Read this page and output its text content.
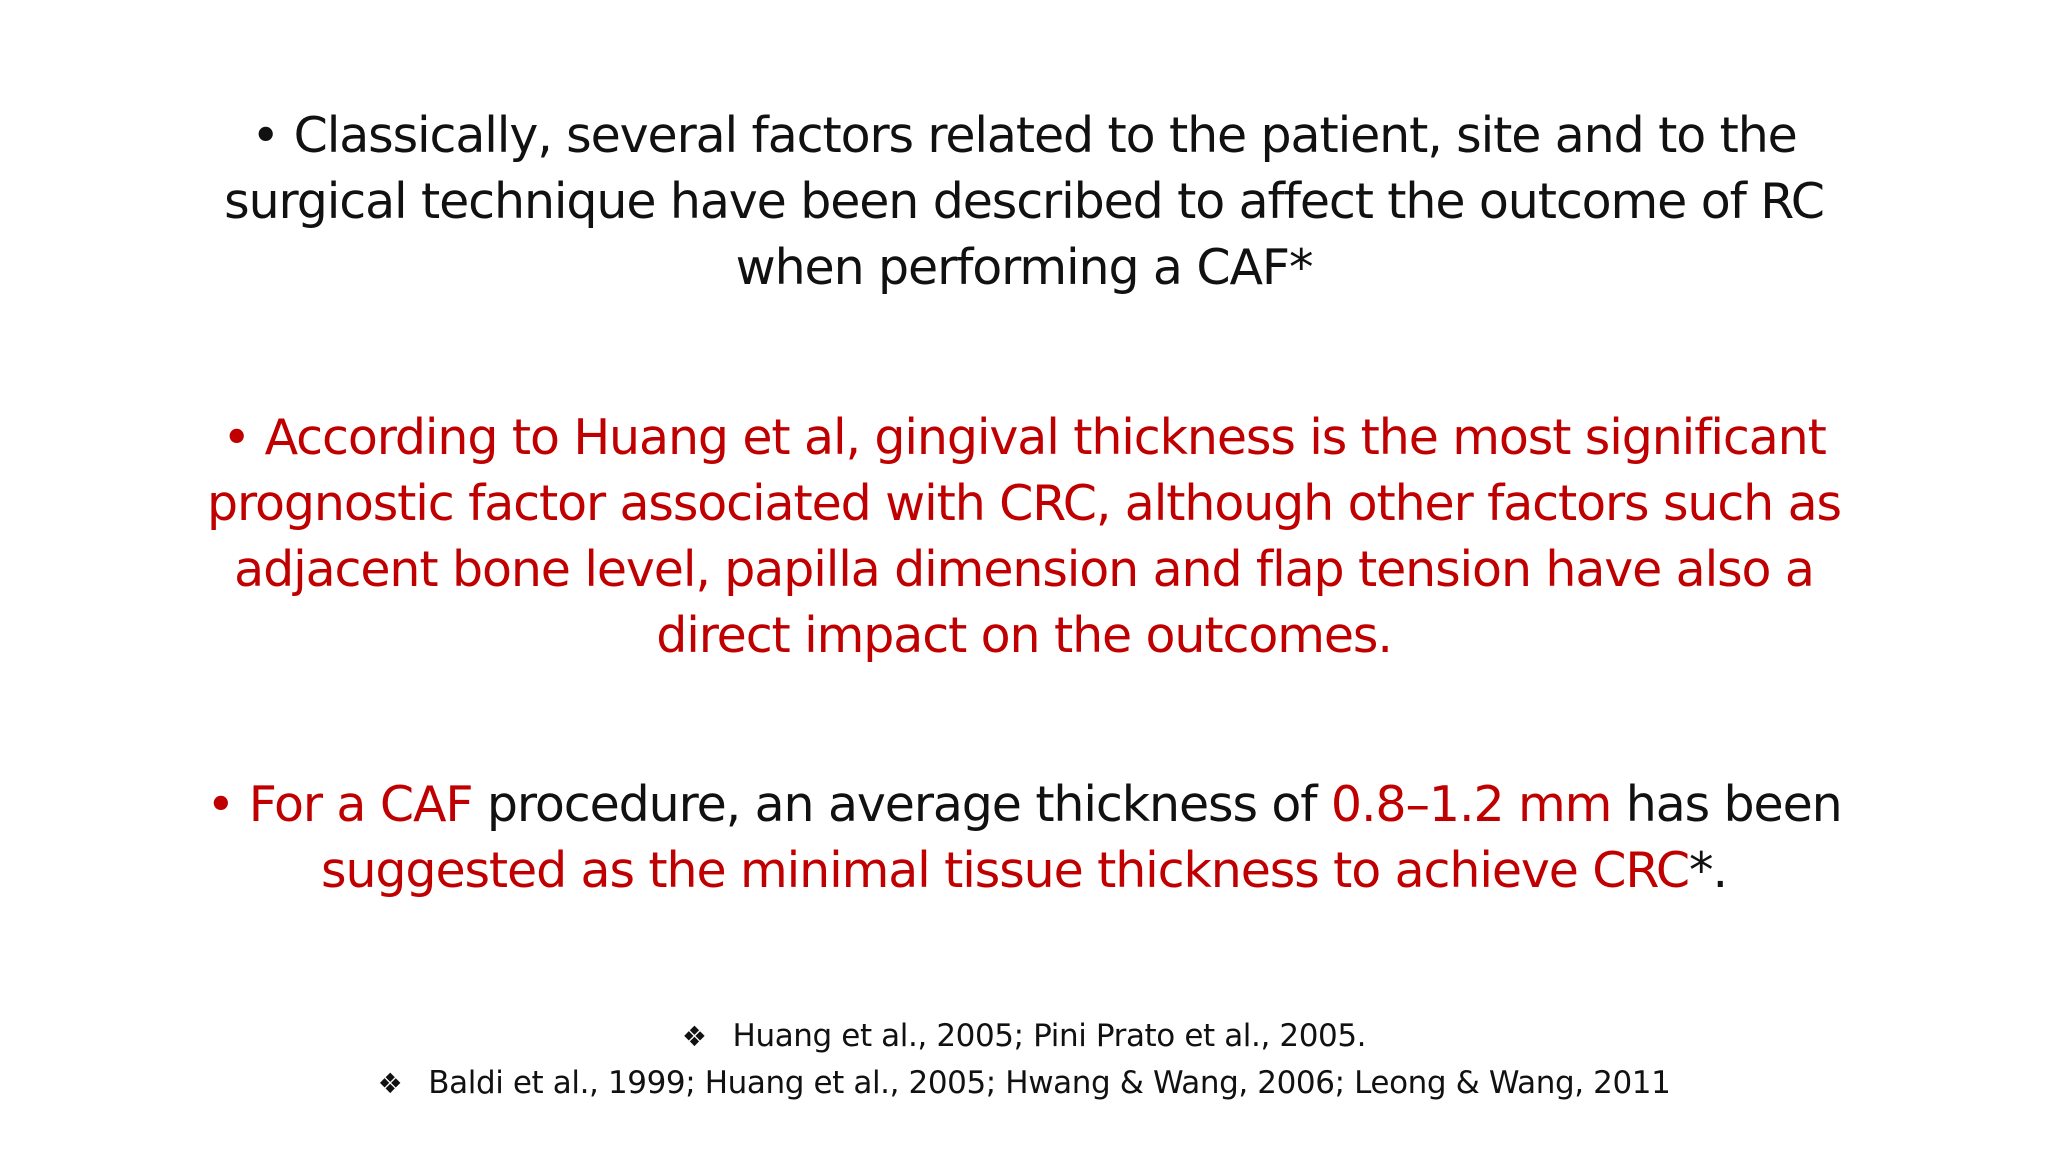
• Classically, several factors related to the patient, site and to the surgical technique have been described to affect the outcome of RC when performing a CAF*
• According to Huang et al, gingival thickness is the most significant prognostic factor associated with CRC, although other factors such as adjacent bone level, papilla dimension and flap tension have also a direct impact on the outcomes.
• For a CAF procedure, an average thickness of 0.8–1.2 mm has been suggested as the minimal tissue thickness to achieve CRC*.
❖ Huang et al., 2005; Pini Prato et al., 2005.
❖ Baldi et al., 1999; Huang et al., 2005; Hwang & Wang, 2006; Leong & Wang, 2011
